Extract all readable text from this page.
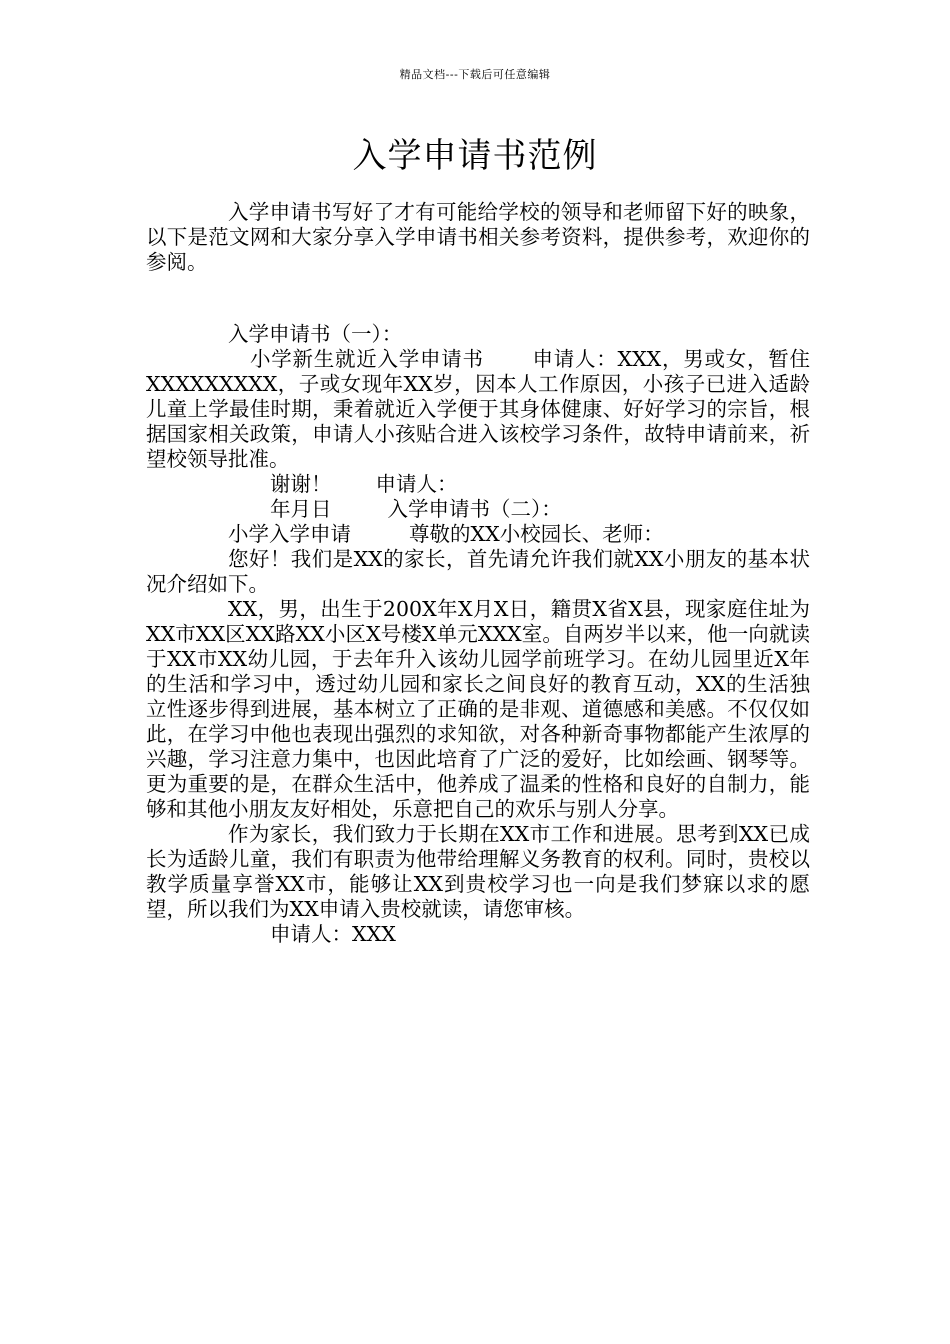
精品文档---下载后可任意编辑
入学申请书范例

入学申请书写好了才有可能给学校的领导和老师留下好的映象，以下是范文网和大家分享入学申请书相关参考资料，提供参考，欢迎你的参阅。

入学申请书（一）：

小学新生就近入学申请书 申请人：XXX，男或女，暂住XXXXXXXXX，子或女现年XX岁，因本人工作原因，小孩子已进入适龄儿童上学最佳时期，秉着就近入学便于其身体健康、好好学习的宗旨，根据国家相关政策，申请人小孩贴合进入该校学习条件，故特申请前来，祈望校领导批准。

谢谢！ 申请人：

年月日	入学申请书（二）：

小学入学申请	尊敬的XX小校园长、老师：

您好！我们是XX的家长，首先请允许我们就XX小朋友的基本状况介绍如下。

XX，男，出生于200X年X月X日，籍贯X省X县，现家庭住址为XX市XX区XX路XX小区X号楼X单元XXX室。自两岁半以来，他一向就读于XX市XX幼儿园，于去年升入该幼儿园学前班学习。在幼儿园里近X年的生活和学习中，透过幼儿园和家长之间良好的教育互动，XX的生活独立性逐步得到进展，基本树立了正确的是非观、道德感和美感。不仅仅如此，在学习中他也表现出强烈的求知欲，对各种新奇事物都能产生浓厚的兴趣，学习注意力集中，也因此培育了广泛的爱好，比如绘画、钢琴等。更为重要的是，在群众生活中，他养成了温柔的性格和良好的自制力，能够和其他小朋友友好相处，乐意把自己的欢乐与别人分享。

作为家长，我们致力于长期在XX市工作和进展。思考到XX已成长为适龄儿童，我们有职责为他带给理解义务教育的权利。同时，贵校以教学质量享誉XX市，能够让XX到贵校学习也一向是我们梦寐以求的愿望，所以我们为XX申请入贵校就读，请您审核。

申请人：XXX
